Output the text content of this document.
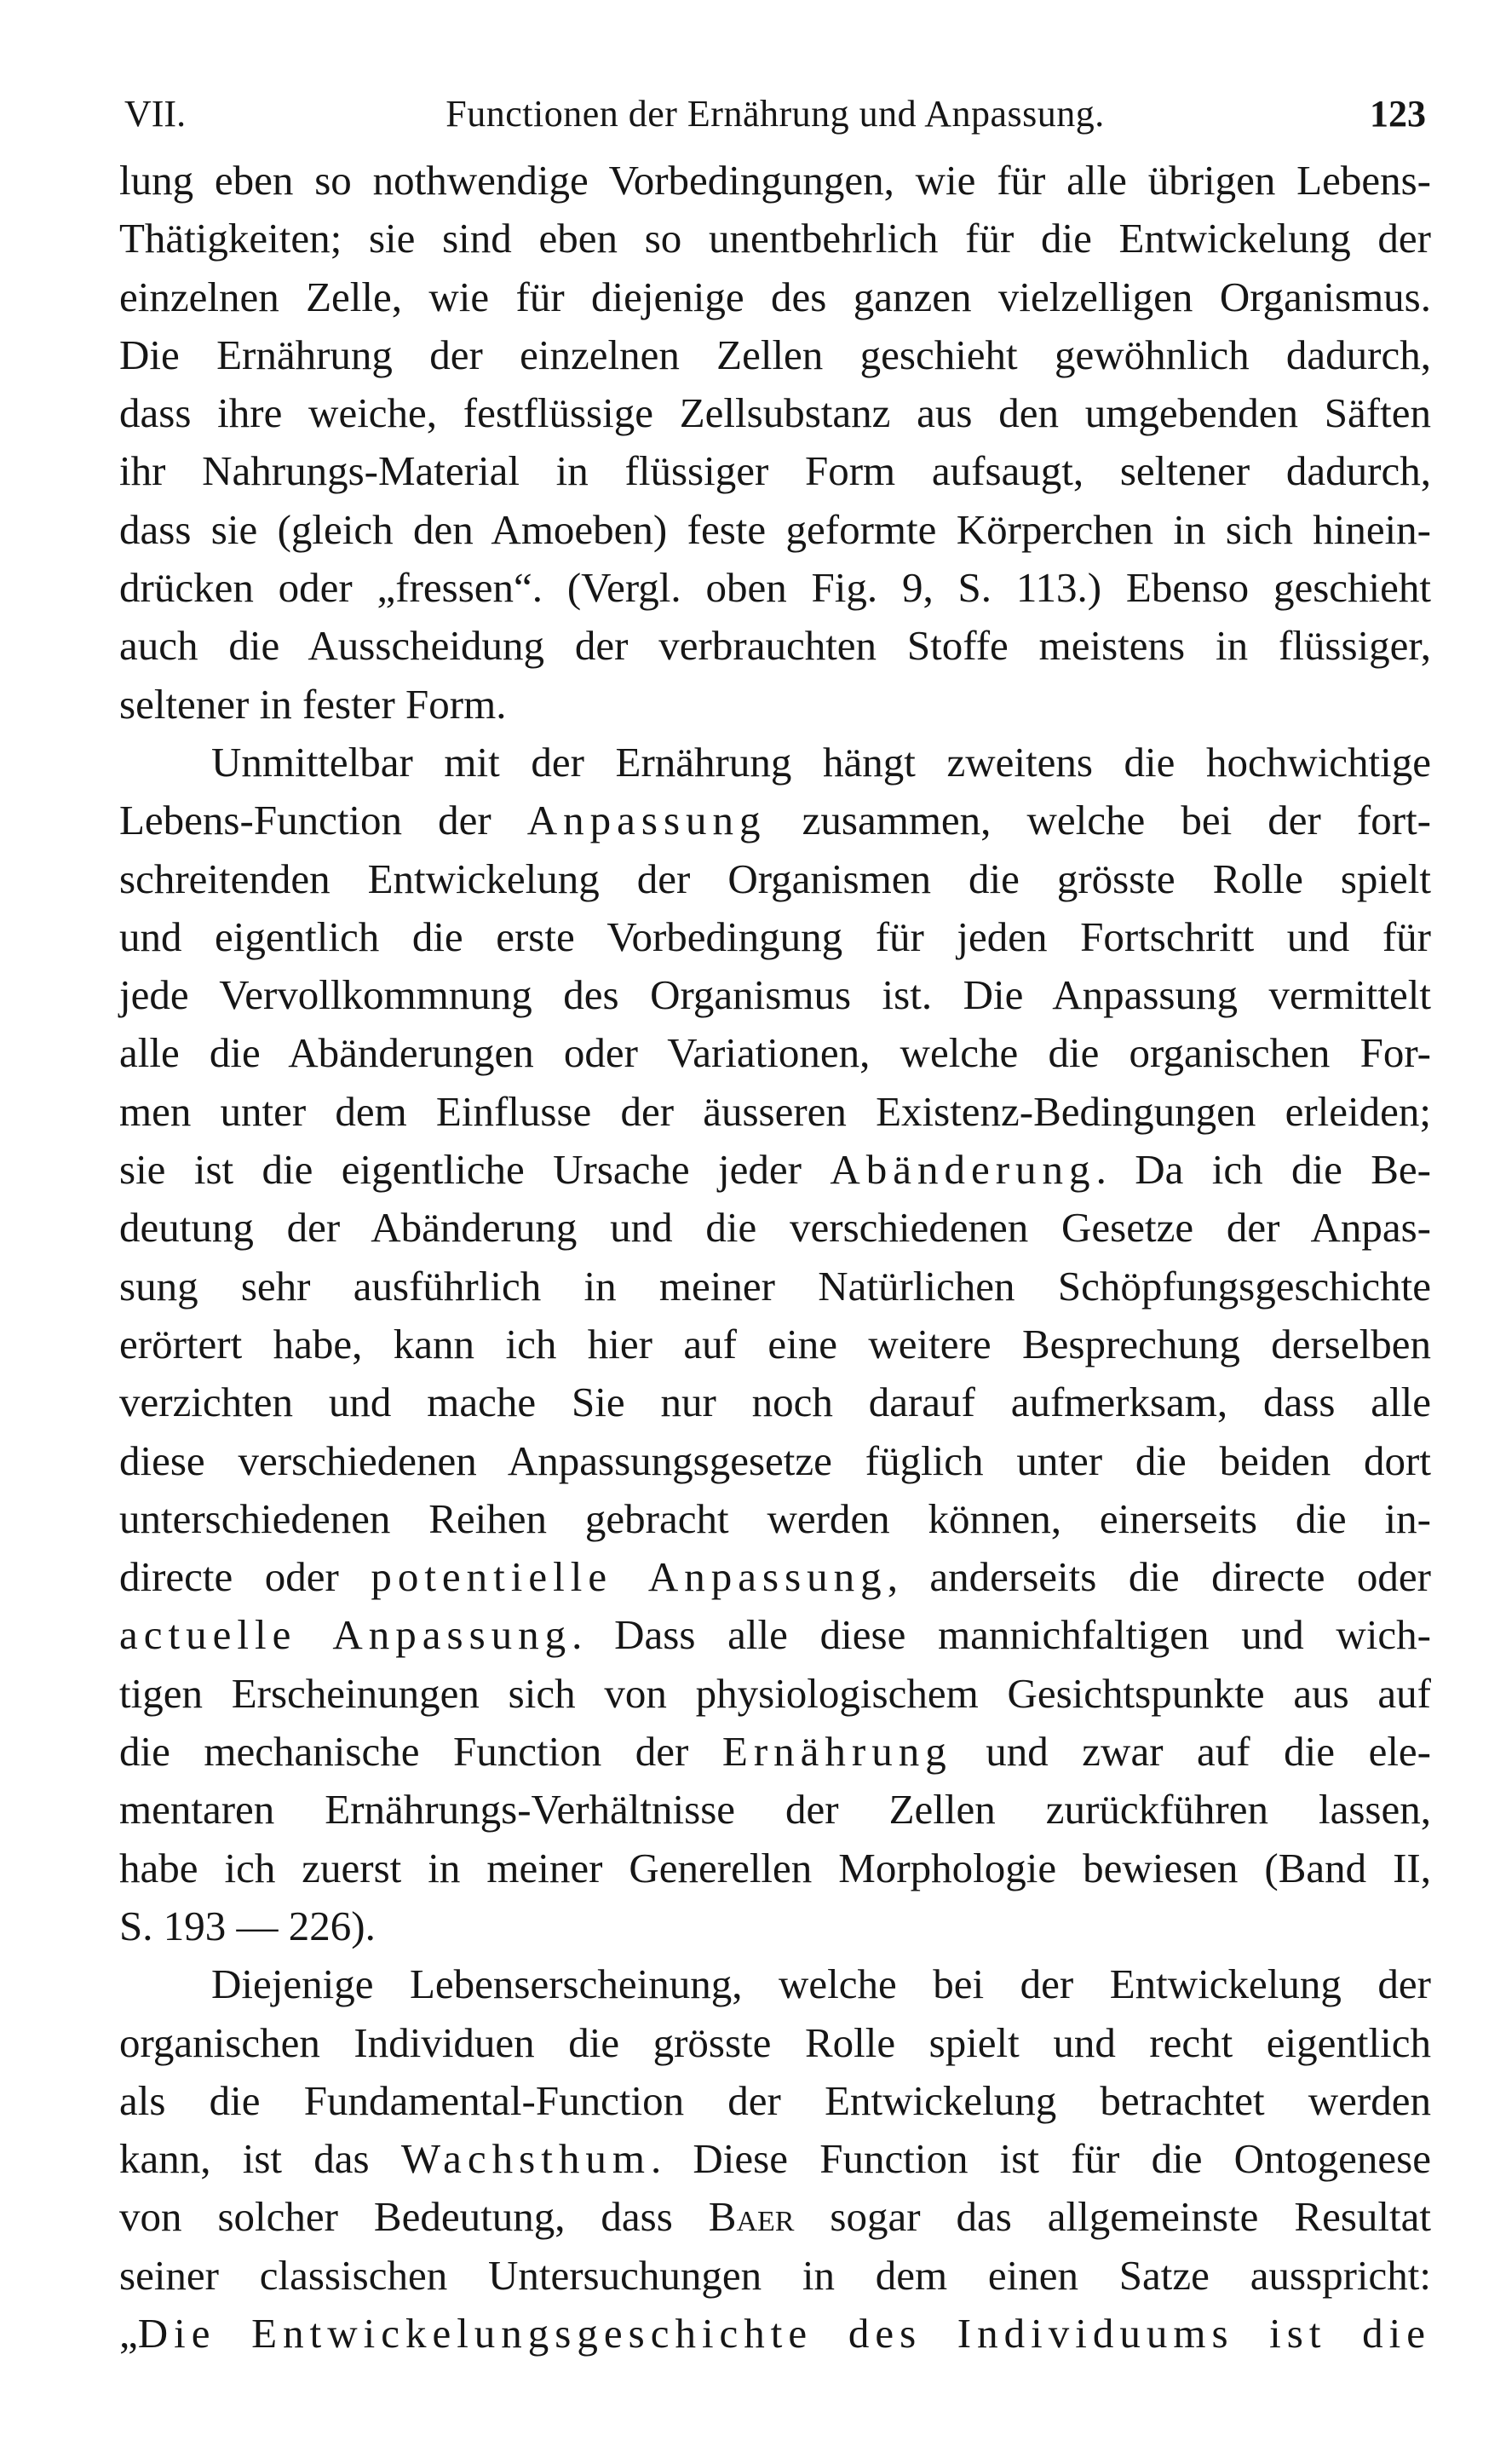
VII.	Functionen der Ernährung und Anpassung.	123
lung eben so nothwendige Vorbedingungen, wie für alle übrigen Lebens-
Thätigkeiten; sie sind eben so unentbehrlich für die Entwickelung der
einzelnen Zelle, wie für diejenige des ganzen vielzelligen Organismus.
Die Ernährung der einzelnen Zellen geschieht gewöhnlich dadurch,
dass ihre weiche, festflüssige Zellsubstanz aus den umgebenden Säften
ihr Nahrungs-Material in flüssiger Form aufsaugt, seltener dadurch,
dass sie (gleich den Amoeben) feste geformte Körperchen in sich hinein-
drücken oder „fressen“. (Vergl. oben Fig. 9, S. 113.) Ebenso geschieht
auch die Ausscheidung der verbrauchten Stoffe meistens in flüssiger,
seltener in fester Form.
Unmittelbar mit der Ernährung hängt zweitens die hochwichtige
Lebens-Function der Anpassung zusammen, welche bei der fort-
schreitenden Entwickelung der Organismen die grösste Rolle spielt
und eigentlich die erste Vorbedingung für jeden Fortschritt und für
jede Vervollkommnung des Organismus ist. Die Anpassung vermittelt
alle die Abänderungen oder Variationen, welche die organischen For-
men unter dem Einflusse der äusseren Existenz-Bedingungen erleiden;
sie ist die eigentliche Ursache jeder Abänderung. Da ich die Be-
deutung der Abänderung und die verschiedenen Gesetze der Anpas-
sung sehr ausführlich in meiner Natürlichen Schöpfungsgeschichte
erörtert habe, kann ich hier auf eine weitere Besprechung derselben
verzichten und mache Sie nur noch darauf aufmerksam, dass alle
diese verschiedenen Anpassungsgesetze füglich unter die beiden dort
unterschiedenen Reihen gebracht werden können, einerseits die in-
directe oder potentielle Anpassung, anderseits die directe oder
actuelle Anpassung. Dass alle diese mannichfaltigen und wich-
tigen Erscheinungen sich von physiologischem Gesichtspunkte aus auf
die mechanische Function der Ernährung und zwar auf die ele-
mentaren Ernährungs-Verhältnisse der Zellen zurückführen lassen,
habe ich zuerst in meiner Generellen Morphologie bewiesen (Band II,
S. 193 — 226).
Diejenige Lebenserscheinung, welche bei der Entwickelung der
organischen Individuen die grösste Rolle spielt und recht eigentlich
als die Fundamental-Function der Entwickelung betrachtet werden
kann, ist das Wachsthum. Diese Function ist für die Ontogenese
von solcher Bedeutung, dass Baer sogar das allgemeinste Resultat
seiner classischen Untersuchungen in dem einen Satze ausspricht:
„Die Entwickelungsgeschichte des Individuums ist die
